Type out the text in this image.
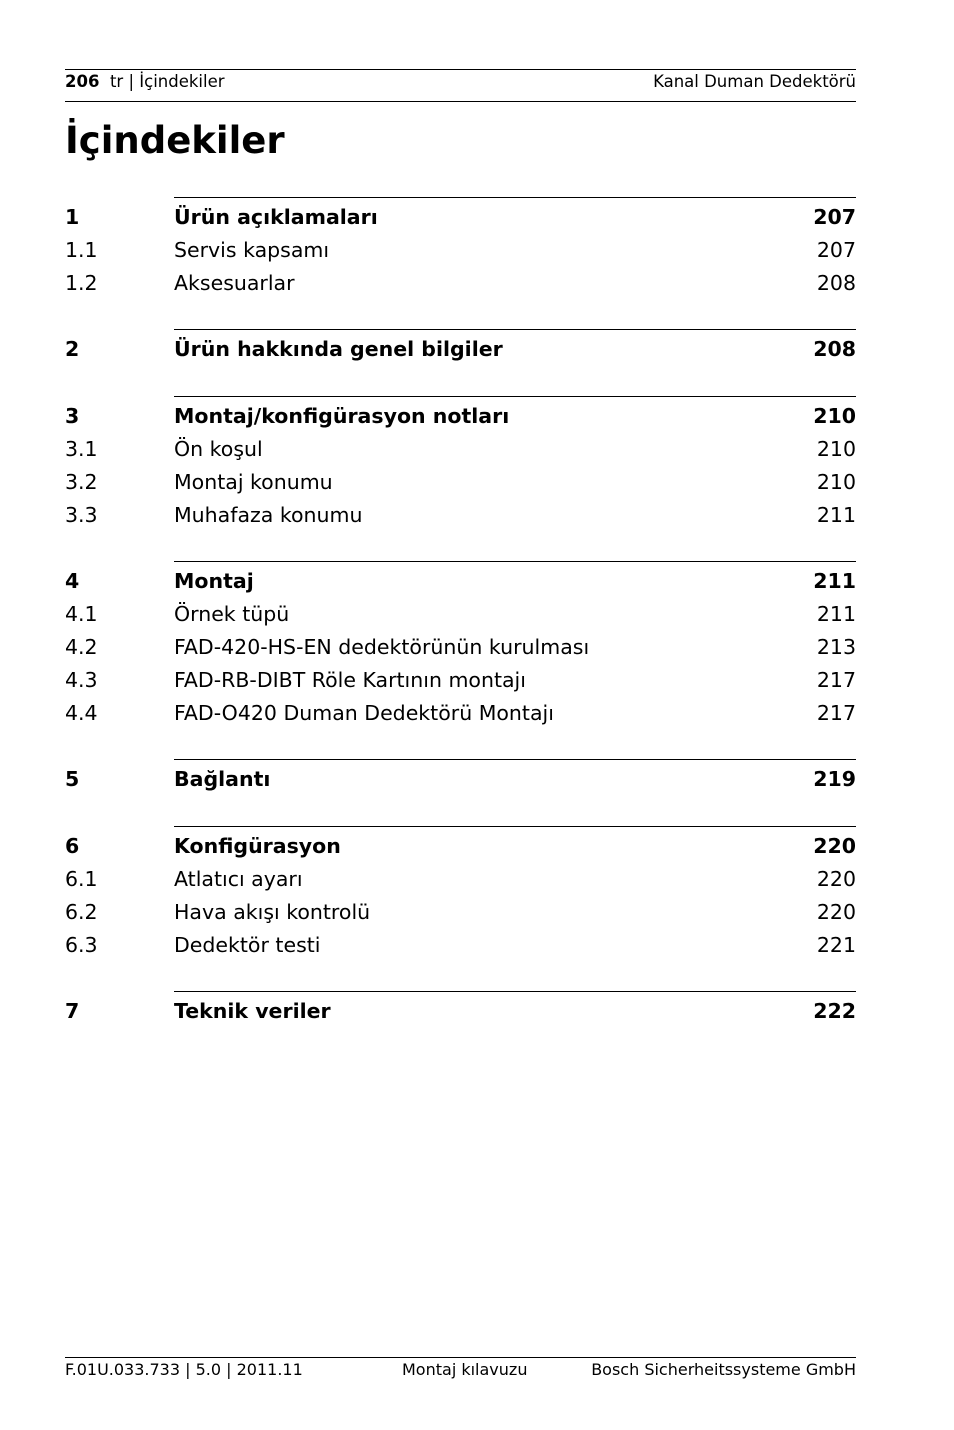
206 tr | İçindekiler	Kanal Duman Dedektörü
İçindekiler
1	Ürün açıklamaları	207
1.1	Servis kapsamı	207
1.2	Aksesuarlar	208
2	Ürün hakkında genel bilgiler	208
3	Montaj/konfigürasyon notları	210
3.1	Ön koşul	210
3.2	Montaj konumu	210
3.3	Muhafaza konumu	211
4	Montaj	211
4.1	Örnek tüpü	211
4.2	FAD-420-HS-EN dedektörünün kurulması	213
4.3	FAD-RB-DIBT Röle Kartının montajı	217
4.4	FAD-O420 Duman Dedektörü Montajı	217
5	Bağlantı	219
6	Konfigürasyon	220
6.1	Atlatıcı ayarı	220
6.2	Hava akışı kontrolü	220
6.3	Dedektör testi	221
7	Teknik veriler	222
F.01U.033.733 | 5.0 | 2011.11	Montaj kılavuzu	Bosch Sicherheitssysteme GmbH
